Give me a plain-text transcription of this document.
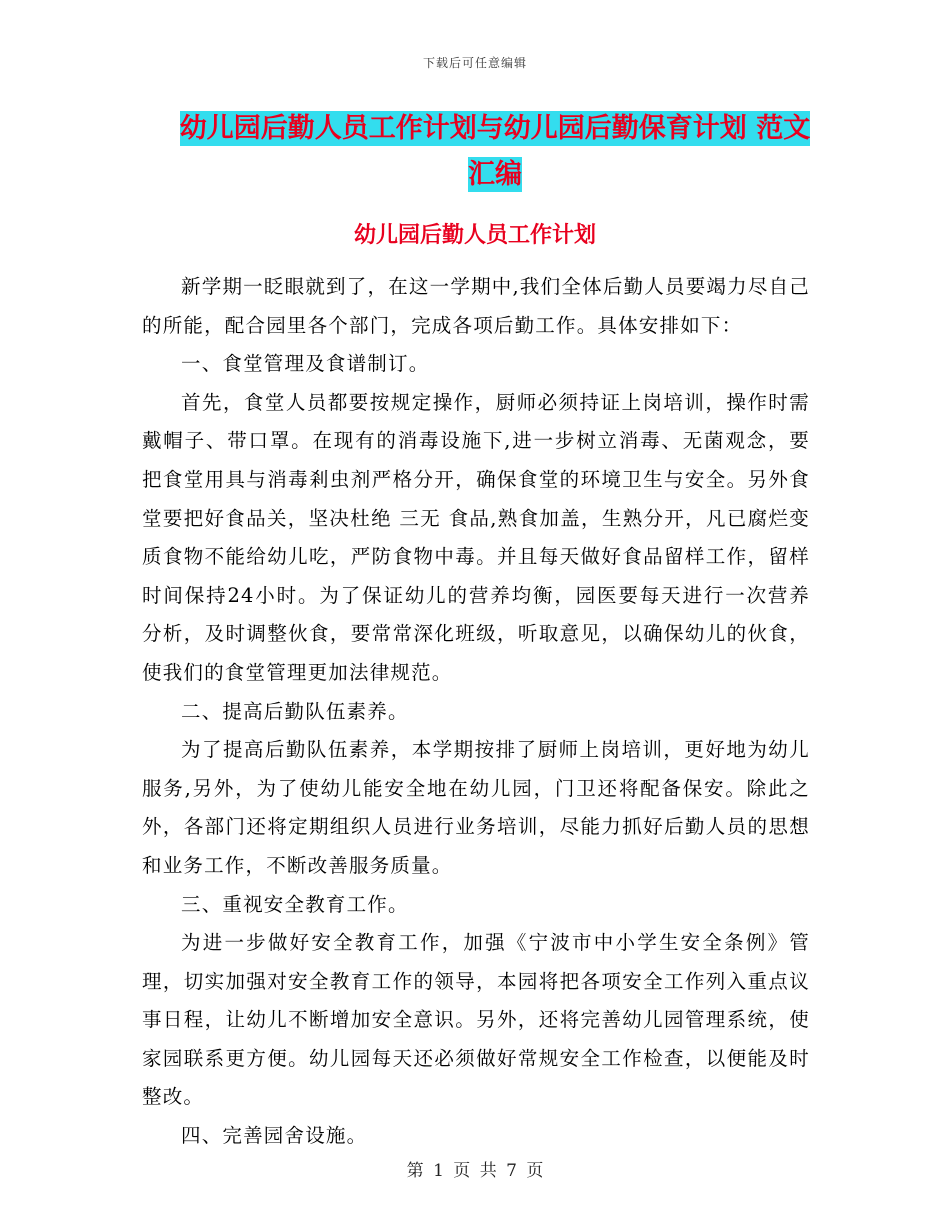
下载后可任意编辑
幼儿园后勤人员工作计划与幼儿园后勤保育计划 范文
汇编
幼儿园后勤人员工作计划

新学期一眨眼就到了，在这一学期中,我们全体后勤人员要竭力尽自己的所能，配合园里各个部门，完成各项后勤工作。具体安排如下：

一、食堂管理及食谱制订。

首先，食堂人员都要按规定操作，厨师必须持证上岗培训，操作时需戴帽子、带口罩。在现有的消毒设施下,进一步树立消毒、无菌观念，要把食堂用具与消毒剎虫剂严格分开，确保食堂的环境卫生与安全。另外食堂要把好食品关，坚决杜绝 三无 食品,熟食加盖，生熟分开，凡已腐烂变质食物不能给幼儿吃，严防食物中毒。并且每天做好食品留样工作，留样时间保持24小时。为了保证幼儿的营养均衡，园医要每天进行一次营养分析，及时调整伙食，要常常深化班级，听取意见，以确保幼儿的伙食，使我们的食堂管理更加法律规范。

二、提高后勤队伍素养。

为了提高后勤队伍素养，本学期按排了厨师上岗培训，更好地为幼儿服务,另外，为了使幼儿能安全地在幼儿园，门卫还将配备保安。除此之外，各部门还将定期组织人员进行业务培训，尽能力抓好后勤人员的思想和业务工作，不断改善服务质量。

三、重视安全教育工作。

为进一步做好安全教育工作，加强《宁波市中小学生安全条例》管理，切实加强对安全教育工作的领导，本园将把各项安全工作列入重点议事日程，让幼儿不断增加安全意识。另外，还将完善幼儿园管理系统，使家园联系更方便。幼儿园每天还必须做好常规安全工作检查，以便能及时整改。

四、完善园舍设施。

第 1 页 共 7 页
